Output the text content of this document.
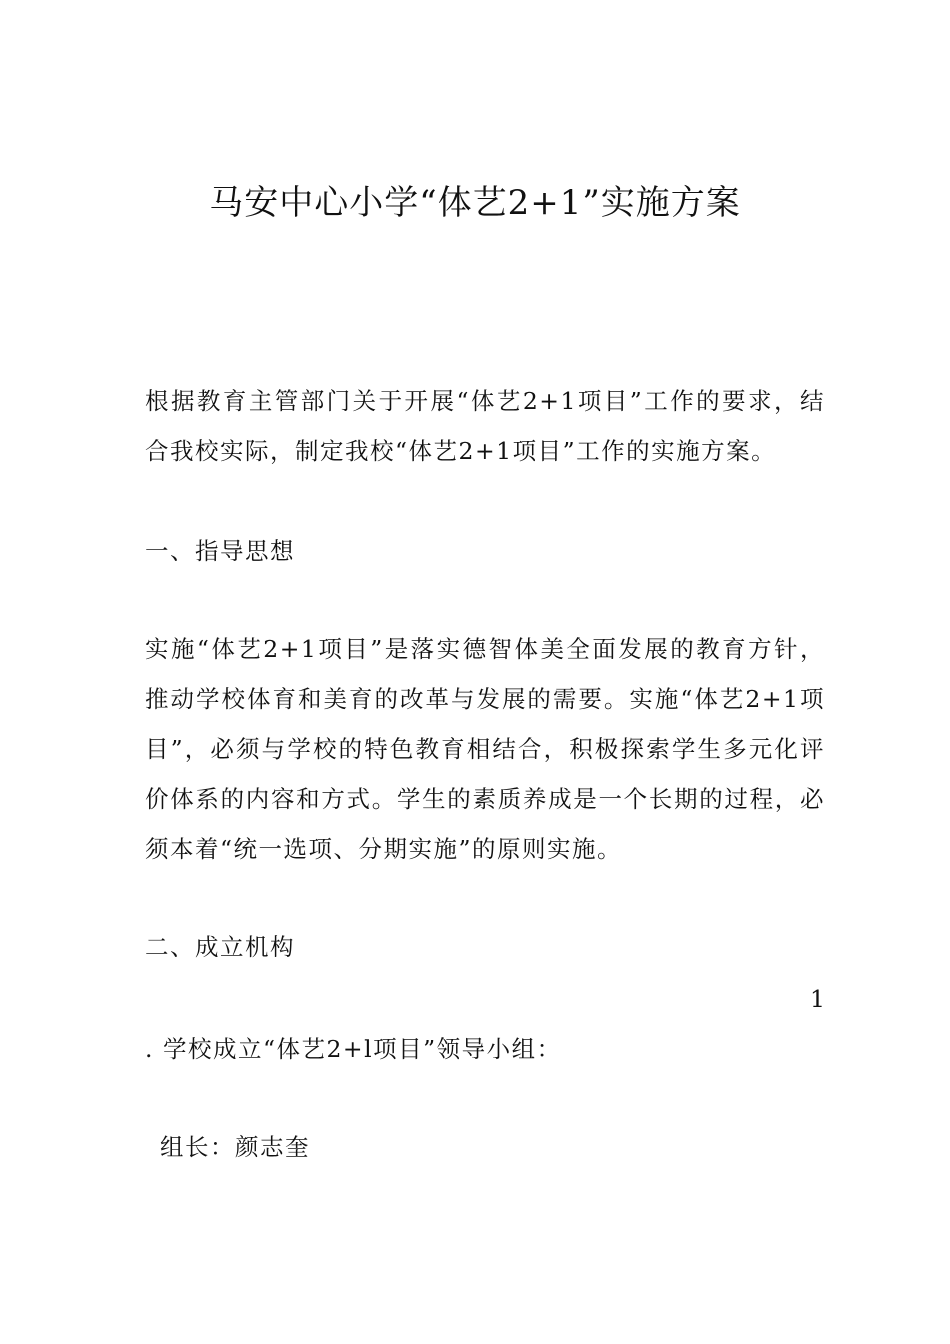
马安中心小学“体艺2+1”实施方案
根据教育主管部门关于开展“体艺2+1项目”工作的要求，结合我校实际，制定我校“体艺2+1项目”工作的实施方案。
一、指导思想
实施“体艺2+1项目”是落实德智体美全面发展的教育方针，推动学校体育和美育的改革与发展的需要。实施“体艺2+1项目”，必须与学校的特色教育相结合，积极探索学生多元化评价体系的内容和方式。学生的素质养成是一个长期的过程，必须本着“统一选项、分期实施”的原则实施。
二、成立机构
1
. 学校成立“体艺2+l项目”领导小组：
组长：颜志奎
